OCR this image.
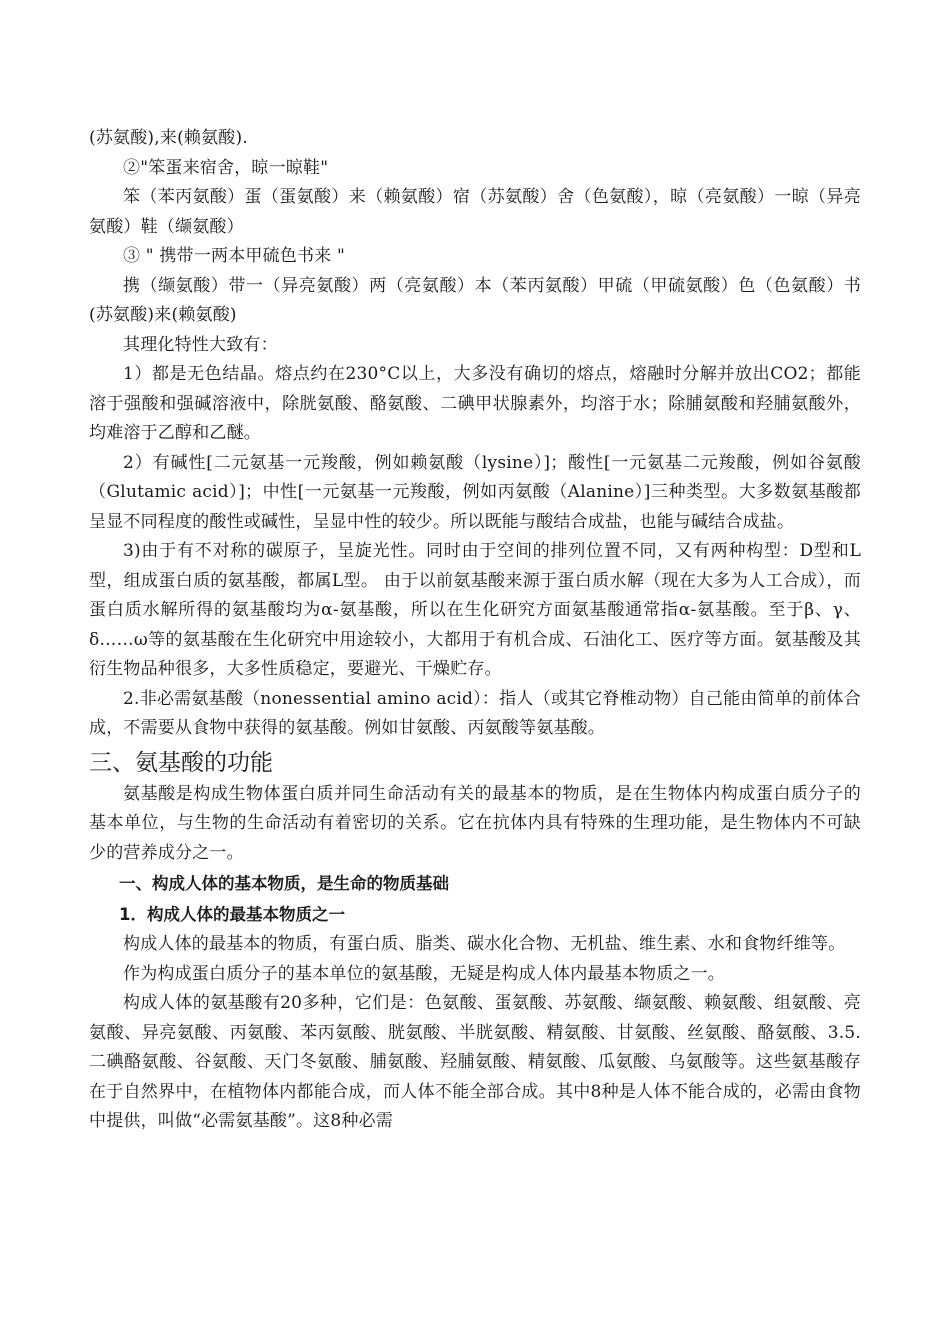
(苏氨酸),来(赖氨酸).

②"笨蛋来宿舍，晾一晾鞋"

笨（苯丙氨酸）蛋（蛋氨酸）来（赖氨酸）宿（苏氨酸）舍（色氨酸），晾（亮氨酸）一晾（异亮氨酸）鞋（缬氨酸）

③ " 携带一两本甲硫色书来 "

携（缬氨酸）带一（异亮氨酸）两（亮氨酸）本（苯丙氨酸）甲硫（甲硫氨酸）色（色氨酸）书(苏氨酸)来(赖氨酸)

其理化特性大致有：

1）都是无色结晶。熔点约在230°C以上，大多没有确切的熔点，熔融时分解并放出CO2；都能溶于强酸和强碱溶液中，除胱氨酸、酪氨酸、二碘甲状腺素外，均溶于水；除脯氨酸和羟脯氨酸外，均难溶于乙醇和乙醚。

2）有碱性[二元氨基一元羧酸，例如赖氨酸（lysine）]；酸性[一元氨基二元羧酸，例如谷氨酸（Glutamic acid）]；中性[一元氨基一元羧酸，例如丙氨酸（Alanine）]三种类型。大多数氨基酸都呈显不同程度的酸性或碱性，呈显中性的较少。所以既能与酸结合成盐，也能与碱结合成盐。

3)由于有不对称的碳原子，呈旋光性。同时由于空间的排列位置不同，又有两种构型：D型和L型，组成蛋白质的氨基酸，都属L型。 由于以前氨基酸来源于蛋白质水解（现在大多为人工合成），而蛋白质水解所得的氨基酸均为α-氨基酸，所以在生化研究方面氨基酸通常指α-氨基酸。至于β、γ、δ……ω等的氨基酸在生化研究中用途较小，大都用于有机合成、石油化工、医疗等方面。氨基酸及其 衍生物品种很多，大多性质稳定，要避光、干燥贮存。

2.非必需氨基酸（nonessential amino acid）：指人（或其它脊椎动物）自己能由简单的前体合成，不需要从食物中获得的氨基酸。例如甘氨酸、丙氨酸等氨基酸。

三、氨基酸的功能

氨基酸是构成生物体蛋白质并同生命活动有关的最基本的物质，是在生物体内构成蛋白质分子的基本单位，与生物的生命活动有着密切的关系。它在抗体内具有特殊的生理功能，是生物体内不可缺少的营养成分之一。

一、构成人体的基本物质，是生命的物质基础

1．构成人体的最基本物质之一

构成人体的最基本的物质，有蛋白质、脂类、碳水化合物、无机盐、维生素、水和食物纤维等。

作为构成蛋白质分子的基本单位的氨基酸，无疑是构成人体内最基本物质之一。

构成人体的氨基酸有20多种，它们是：色氨酸、蛋氨酸、苏氨酸、缬氨酸、赖氨酸、组氨酸、亮氨酸、异亮氨酸、丙氨酸、苯丙氨酸、胱氨酸、半胱氨酸、精氨酸、甘氨酸、丝氨酸、酪氨酸、3.5.二碘酪氨酸、谷氨酸、天门冬氨酸、脯氨酸、羟脯氨酸、精氨酸、瓜氨酸、乌氨酸等。这些氨基酸存在于自然界中，在植物体内都能合成，而人体不能全部合成。其中8种是人体不能合成的，必需由食物中提供，叫做“必需氨基酸”。这8种必需
